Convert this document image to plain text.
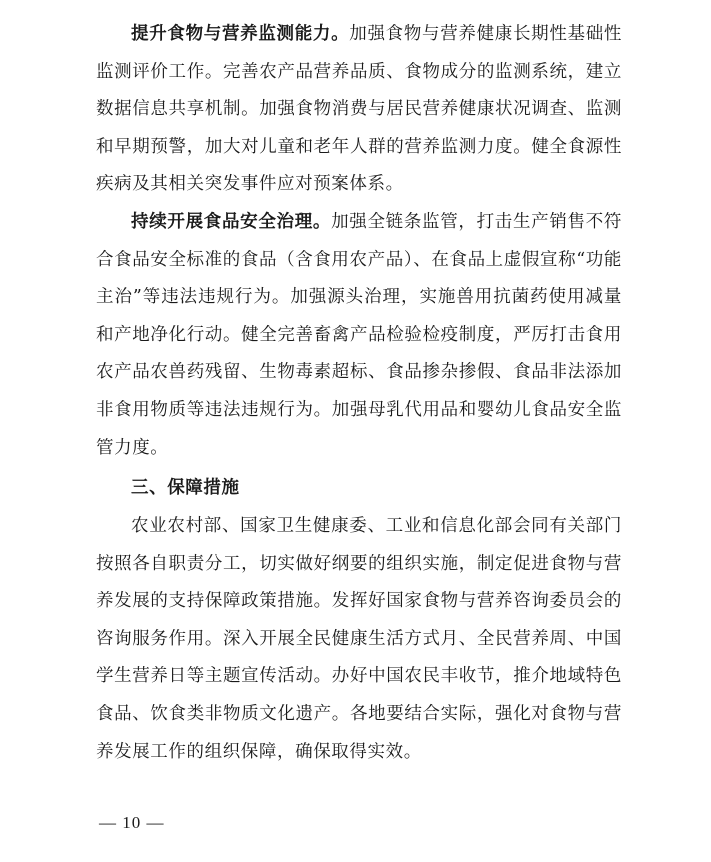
提升食物与营养监测能力。加强食物与营养健康长期性基础性监测评价工作。完善农产品营养品质、食物成分的监测系统，建立数据信息共享机制。加强食物消费与居民营养健康状况调查、监测和早期预警，加大对儿童和老年人群的营养监测力度。健全食源性疾病及其相关突发事件应对预案体系。

持续开展食品安全治理。加强全链条监管，打击生产销售不符合食品安全标准的食品（含食用农产品）、在食品上虚假宣称“功能主治”等违法违规行为。加强源头治理，实施兽用抗菌药使用减量和产地净化行动。健全完善畜禽产品检验检疫制度，严厉打击食用农产品农兽药残留、生物毒素超标、食品掺杂掺假、食品非法添加非食用物质等违法违规行为。加强母乳代用品和婴幼儿食品安全监管力度。

三、保障措施

农业农村部、国家卫生健康委、工业和信息化部会同有关部门按照各自职责分工，切实做好纲要的组织实施，制定促进食物与营养发展的支持保障政策措施。发挥好国家食物与营养咨询委员会的咨询服务作用。深入开展全民健康生活方式月、全民营养周、中国学生营养日等主题宣传活动。办好中国农民丰收节，推介地域特色食品、饮食类非物质文化遗产。各地要结合实际，强化对食物与营养发展工作的组织保障，确保取得实效。

— 10 —
